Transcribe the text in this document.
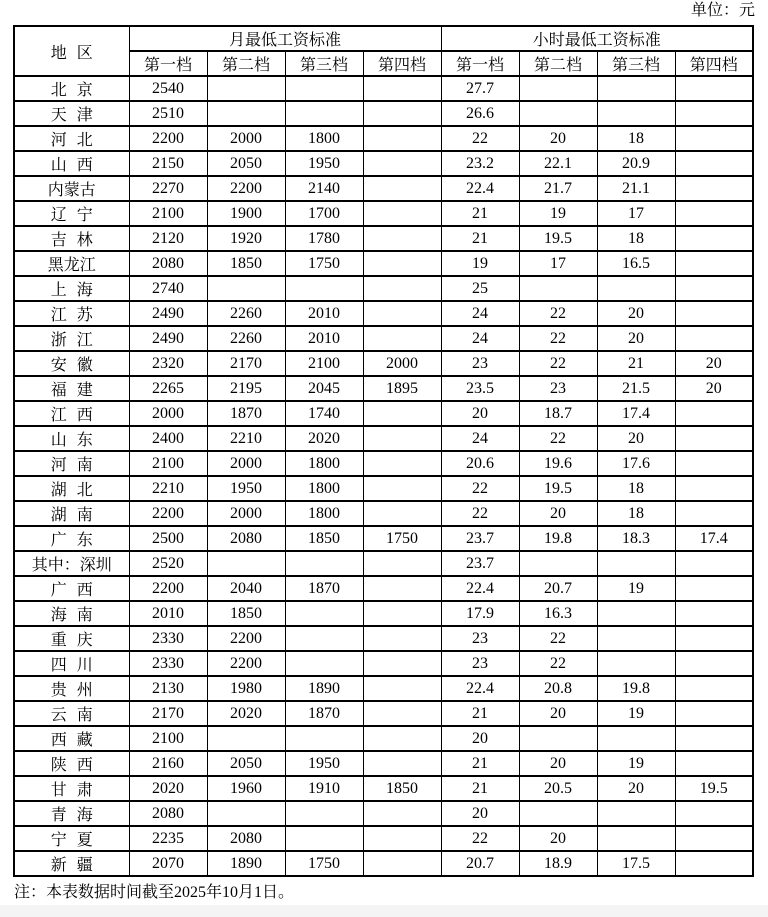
单位：元
地 区	月最低工资标准				小时最低工资标准			
	第一档	第二档	第三档	第四档	第一档	第二档	第三档	第四档
北 京	2540				27.7			
天 津	2510				26.6			
河 北	2200	2000	1800		22	20	18	
山 西	2150	2050	1950		23.2	22.1	20.9	
内蒙古	2270	2200	2140		22.4	21.7	21.1	
辽 宁	2100	1900	1700		21	19	17	
吉 林	2120	1920	1780		21	19.5	18	
黑龙江	2080	1850	1750		19	17	16.5	
上 海	2740				25			
江 苏	2490	2260	2010		24	22	20	
浙 江	2490	2260	2010		24	22	20	
安 徽	2320	2170	2100	2000	23	22	21	20
福 建	2265	2195	2045	1895	23.5	23	21.5	20
江 西	2000	1870	1740		20	18.7	17.4	
山 东	2400	2210	2020		24	22	20	
河 南	2100	2000	1800		20.6	19.6	17.6	
湖 北	2210	1950	1800		22	19.5	18	
湖 南	2200	2000	1800		22	20	18	
广 东	2500	2080	1850	1750	23.7	19.8	18.3	17.4
其中：深圳	2520				23.7			
广 西	2200	2040	1870		22.4	20.7	19	
海 南	2010	1850			17.9	16.3		
重 庆	2330	2200			23	22		
四 川	2330	2200			23	22		
贵 州	2130	1980	1890		22.4	20.8	19.8	
云 南	2170	2020	1870		21	20	19	
西 藏	2100				20			
陕 西	2160	2050	1950		21	20	19	
甘 肃	2020	1960	1910	1850	21	20.5	20	19.5
青 海	2080				20			
宁 夏	2235	2080			22	20		
新 疆	2070	1890	1750		20.7	18.9	17.5	
注：本表数据时间截至2025年10月1日。
